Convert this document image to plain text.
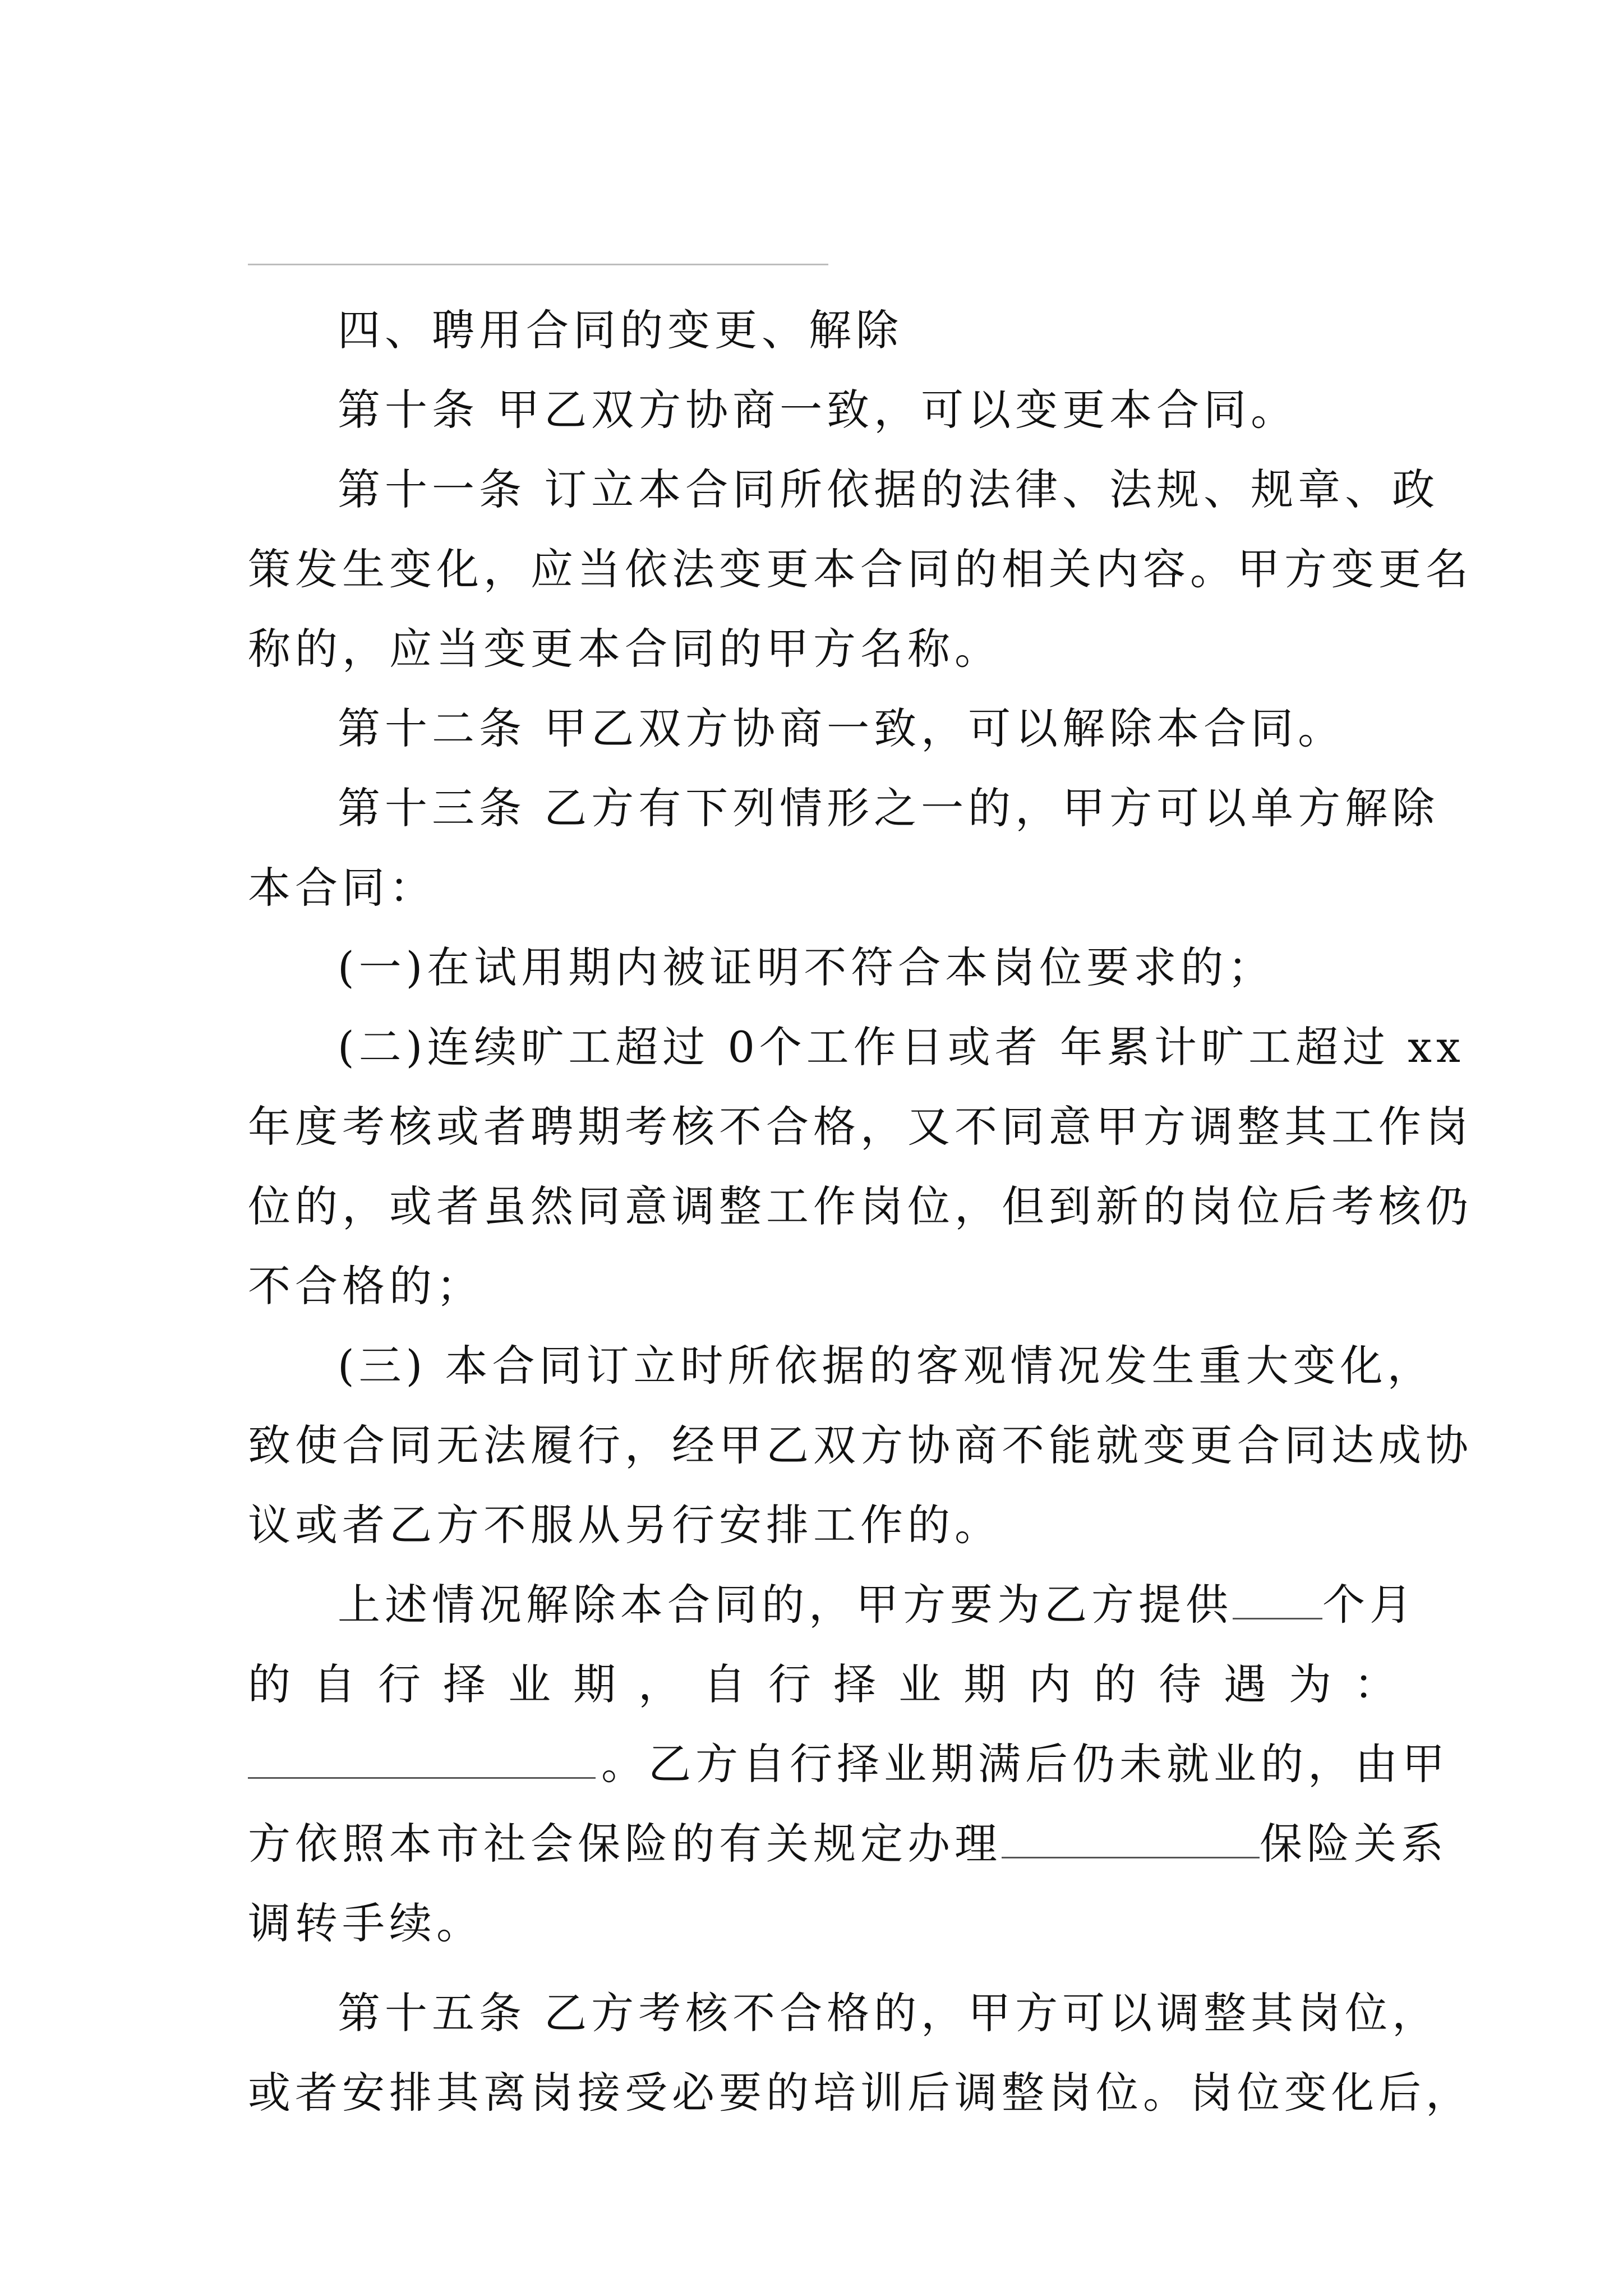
四、聘用合同的变更、解除

第十条 甲乙双方协商一致，可以变更本合同。

第十一条 订立本合同所依据的法律、法规、规章、政

策发生变化，应当依法变更本合同的相关内容。甲方变更名

称的，应当变更本合同的甲方名称。

第十二条 甲乙双方协商一致，可以解除本合同。

第十三条 乙方有下列情形之一的，甲方可以单方解除

本合同：

(一)在试用期内被证明不符合本岗位要求的；

(二)连续旷工超过 0个工作日或者 年累计旷工超过 xx

年度考核或者聘期考核不合格，又不同意甲方调整其工作岗

位的，或者虽然同意调整工作岗位，但到新的岗位后考核仍

不合格的；

(三) 本合同订立时所依据的客观情况发生重大变化，

致使合同无法履行，经甲乙双方协商不能就变更合同达成协

议或者乙方不服从另行安排工作的。

上述情况解除本合同的，甲方要为乙方提供 个月

的自行择业期，自行择业期内的待遇为：

。乙方自行择业期满后仍未就业的，由甲

方依照本市社会保险的有关规定办理	保险关系

调转手续。

第十五条 乙方考核不合格的，甲方可以调整其岗位，

或者安排其离岗接受必要的培训后调整岗位。岗位变化后，
